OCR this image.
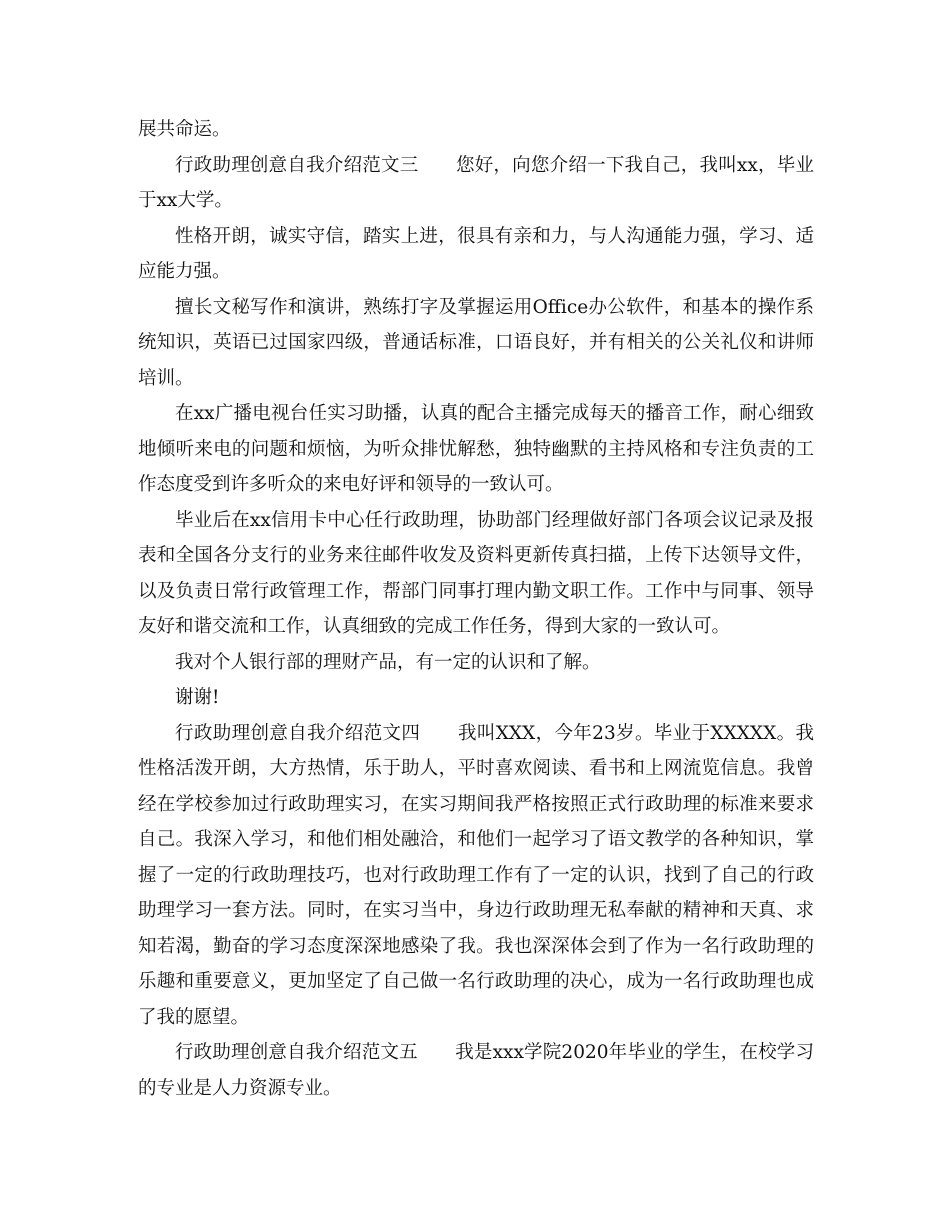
展共命运。

行政助理创意自我介绍范文三　　您好，向您介绍一下我自己，我叫xx，毕业于xx大学。

性格开朗，诚实守信，踏实上进，很具有亲和力，与人沟通能力强，学习、适应能力强。

擅长文秘写作和演讲，熟练打字及掌握运用Office办公软件，和基本的操作系统知识，英语已过国家四级，普通话标准，口语良好，并有相关的公关礼仪和讲师培训。

在xx广播电视台任实习助播，认真的配合主播完成每天的播音工作，耐心细致地倾听来电的问题和烦恼，为听众排忧解愁，独特幽默的主持风格和专注负责的工作态度受到许多听众的来电好评和领导的一致认可。

毕业后在xx信用卡中心任行政助理，协助部门经理做好部门各项会议记录及报表和全国各分支行的业务来往邮件收发及资料更新传真扫描，上传下达领导文件，以及负责日常行政管理工作，帮部门同事打理内勤文职工作。工作中与同事、领导友好和谐交流和工作，认真细致的完成工作任务，得到大家的一致认可。

我对个人银行部的理财产品，有一定的认识和了解。

谢谢!

行政助理创意自我介绍范文四　　我叫XXX，今年23岁。毕业于XXXXX。我性格活泼开朗，大方热情，乐于助人，平时喜欢阅读、看书和上网流览信息。我曾经在学校参加过行政助理实习，在实习期间我严格按照正式行政助理的标准来要求自己。我深入学习，和他们相处融洽，和他们一起学习了语文教学的各种知识，掌握了一定的行政助理技巧，也对行政助理工作有了一定的认识，找到了自己的行政助理学习一套方法。同时，在实习当中，身边行政助理无私奉献的精神和天真、求知若渴，勤奋的学习态度深深地感染了我。我也深深体会到了作为一名行政助理的乐趣和重要意义，更加坚定了自己做一名行政助理的决心，成为一名行政助理也成了我的愿望。

行政助理创意自我介绍范文五　　我是xxx学院2020年毕业的学生，在校学习的专业是人力资源专业。
